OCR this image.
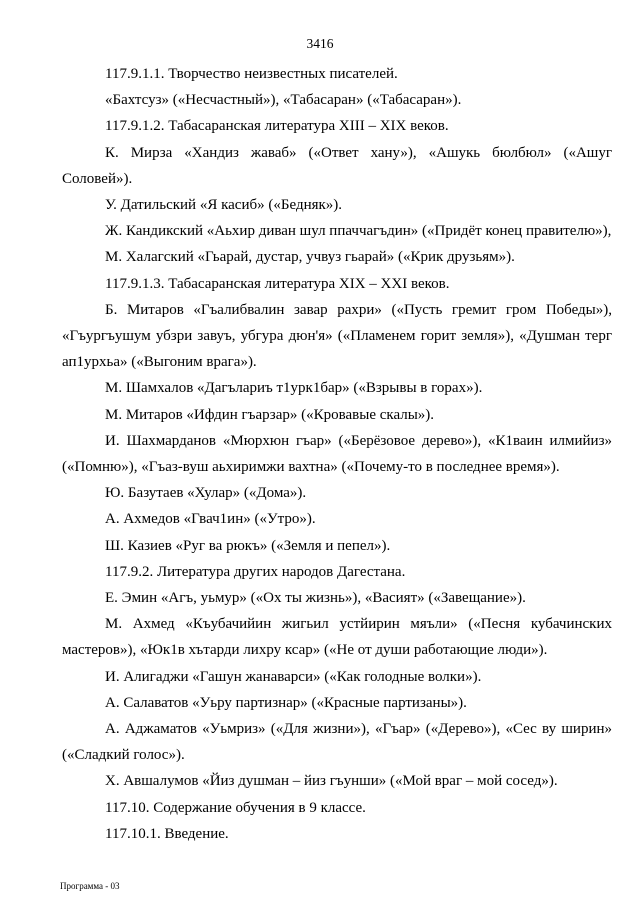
3416

117.9.1.1. Творчество неизвестных писателей.

«Бахтсуз» («Несчастный»), «Табасаран» («Табасаран»).

117.9.1.2. Табасаранская литература XIII – XIX веков.

К. Мирза «Хандиз жаваб» («Ответ хану»), «Ашукь бюлбюл» («Ашуг Соловей»).

У. Датильский «Я касиб» («Бедняк»).

Ж. Кандикский «Аьхир диван шул ппаччагъдин» («Придёт конец правителю»),

М. Халагский «Гьарай, дустар, учвуз гьарай» («Крик друзьям»).

117.9.1.3. Табасаранская литература XIX – XXI веков.

Б. Митаров «Гъалибвалин завар рахри» («Пусть гремит гром Победы»), «Гъургъушум убзри завуъ, убгура дюн'я» («Пламенем горит земля»), «Душман терг ап1урхьа» («Выгоним врага»).

М. Шамхалов «Дагълариъ т1урк1бар» («Взрывы в горах»).

М. Митаров «Ифдин гъарзар» («Кровавые скалы»).

И. Шахмарданов «Мюрхюн гъар» («Берёзовое дерево»), «К1ваин илмийиз» («Помню»), «Гъаз-вуш аьхиримжи вахтна» («Почему-то в последнее время»).

Ю. Базутаев «Хулар» («Дома»).

А. Ахмедов «Гвач1ин» («Утро»).

Ш. Казиев «Руг ва рюкъ» («Земля и пепел»).

117.9.2. Литература других народов Дагестана.

Е. Эмин «Агъ, уьмур» («Ох ты жизнь»), «Васият» («Завещание»).

М. Ахмед «Къубачийин жигьил устйирин мяъли» («Песня кубачинских мастеров»), «Юк1в хътарди лихру ксар» («Не от души работающие люди»).

И. Алигаджи «Гашун жанаварси» («Как голодные волки»).

А. Салаватов «Уьру партизнар» («Красные партизаны»).

А. Аджаматов «Уьмриз» («Для жизни»), «Гъар» («Дерево»), «Сес ву ширин» («Сладкий голос»).

Х. Авшалумов «Йиз душман – йиз гъунши» («Мой враг – мой сосед»).

117.10. Содержание обучения в 9 классе.

117.10.1. Введение.

Программа - 03
